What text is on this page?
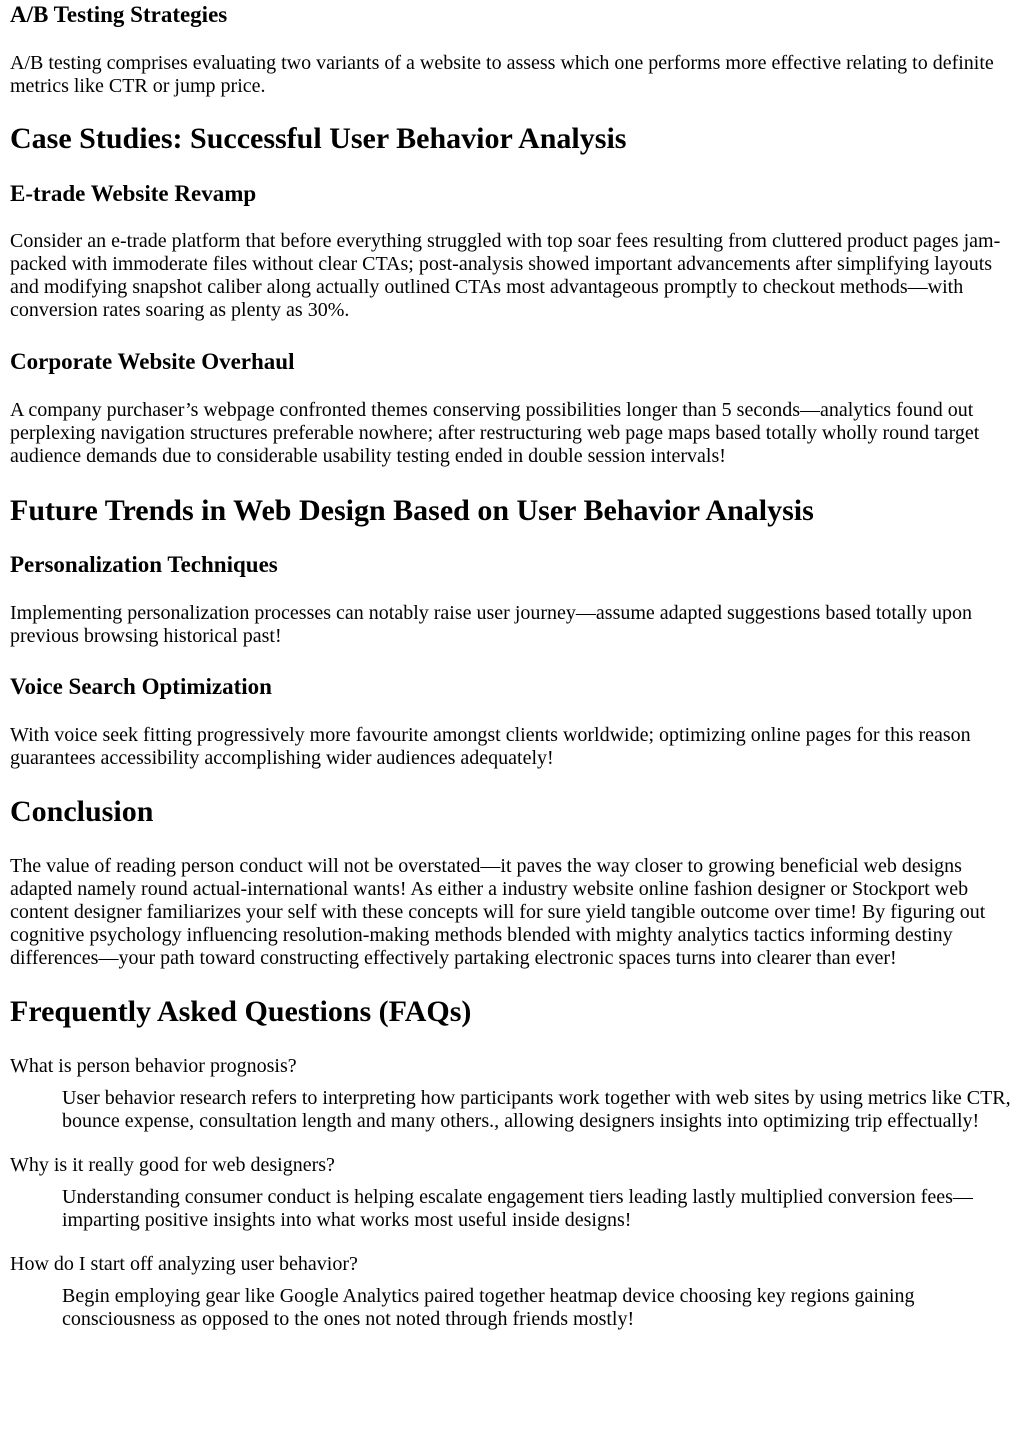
A/B Testing Strategies

A/B testing comprises evaluating two variants of a website to assess which one performs more effective relating to definite metrics like CTR or jump price.

Case Studies: Successful User Behavior Analysis
E-trade Website Revamp

Consider an e-trade platform that before everything struggled with top soar fees resulting from cluttered product pages jam-packed with immoderate files without clear CTAs; post-analysis showed important advancements after simplifying layouts and modifying snapshot caliber along actually outlined CTAs most advantageous promptly to checkout methods—with conversion rates soaring as plenty as 30%.

Corporate Website Overhaul

A company purchaser’s webpage confronted themes conserving possibilities longer than 5 seconds—analytics found out perplexing navigation structures preferable nowhere; after restructuring web page maps based totally wholly round target audience demands due to considerable usability testing ended in double session intervals!

Future Trends in Web Design Based on User Behavior Analysis
Personalization Techniques

Implementing personalization processes can notably raise user journey—assume adapted suggestions based totally upon previous browsing historical past!

Voice Search Optimization

With voice seek fitting progressively more favourite amongst clients worldwide; optimizing online pages for this reason guarantees accessibility accomplishing wider audiences adequately!

Conclusion

The value of reading person conduct will not be overstated—it paves the way closer to growing beneficial web designs adapted namely round actual-international wants! As either a industry website online fashion designer or Stockport web content designer familiarizes your self with these concepts will for sure yield tangible outcome over time! By figuring out cognitive psychology influencing resolution-making methods blended with mighty analytics tactics informing destiny differences—your path toward constructing effectively partaking electronic spaces turns into clearer than ever!

Frequently Asked Questions (FAQs)
What is person behavior prognosis?
User behavior research refers to interpreting how participants work together with web sites by using metrics like CTR, bounce expense, consultation length and many others., allowing designers insights into optimizing trip effectually!
Why is it really good for web designers?
Understanding consumer conduct is helping escalate engagement tiers leading lastly multiplied conversion fees—imparting positive insights into what works most useful inside designs!
How do I start off analyzing user behavior?
Begin employing gear like Google Analytics paired together heatmap device choosing key regions gaining consciousness as opposed to the ones not noted through friends mostly!
